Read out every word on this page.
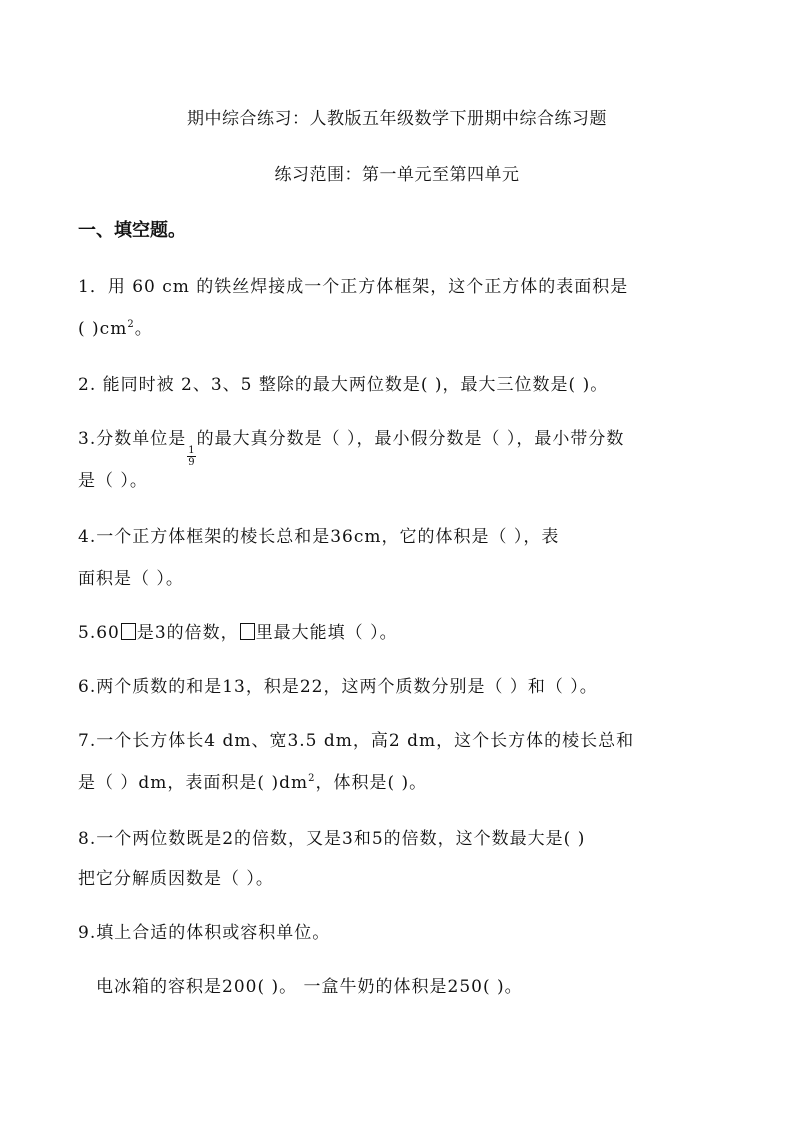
期中综合练习：人教版五年级数学下册期中综合练习题
练习范围：第一单元至第四单元
一、填空题。
1．用 60 cm 的铁丝焊接成一个正方体框架，这个正方体的表面积是
( )$cm^2$。
2. 能同时被 2、3、5 整除的最大两位数是( )，最大三位数是( )。
3.分数单位是
$\frac{1}{9}$
的最大真分数是（ ），最小假分数是（ ），最小带分数
是（ ）。
4.一个正方体框架的棱长总和是36cm，它的体积是（ ），表
面积是（ ）。
5.60 是3的倍数， 里最大能填（ ）。
6.两个质数的和是13，积是22，这两个质数分别是（ ）和（ ）。
7.一个长方体长4 dm、宽3.5 dm，高2 dm，这个长方体的棱长总和
是（ ）dm，表面积是( )$dm^2$，体积是( )。
8.一个两位数既是2的倍数，又是3和5的倍数，这个数最大是( )
把它分解质因数是（ ）。
9.填上合适的体积或容积单位。
电冰箱的容积是200( )。 一盒牛奶的体积是250( )。
